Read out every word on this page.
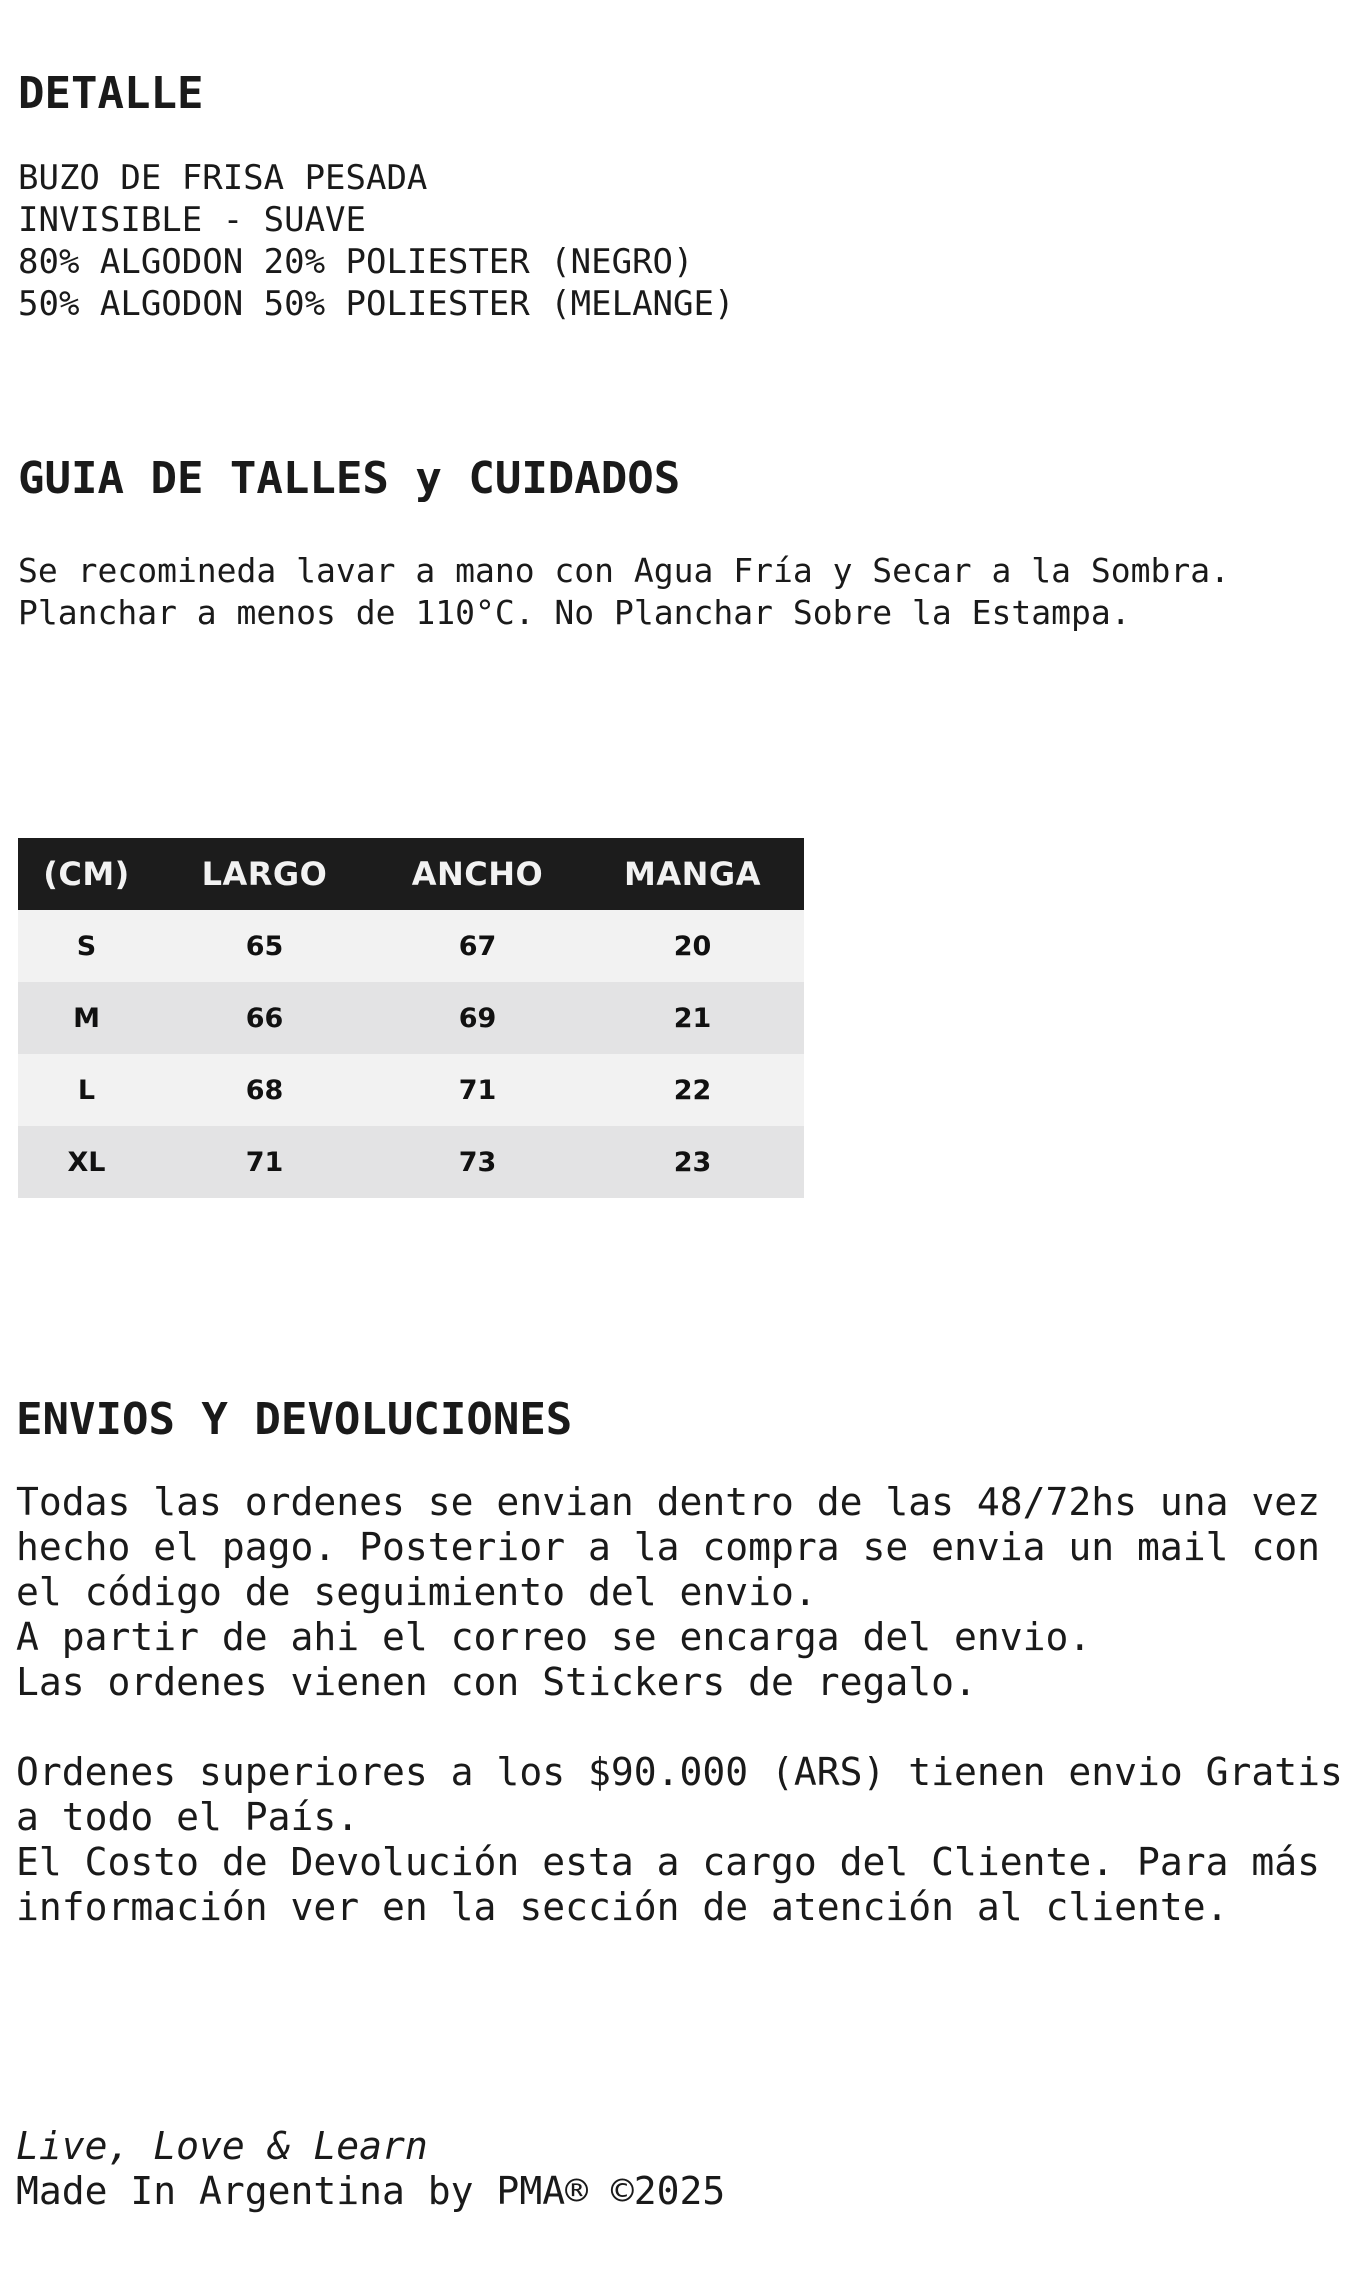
DETALLE
BUZO DE FRISA PESADA
INVISIBLE - SUAVE
80% ALGODON 20% POLIESTER (NEGRO)
50% ALGODON 50% POLIESTER (MELANGE)
GUIA DE TALLES y CUIDADOS
Se recomineda lavar a mano con Agua Fría y Secar a la Sombra.
Planchar a menos de 110°C. No Planchar Sobre la Estampa.
(CM)	LARGO	ANCHO	MANGA
S	65	67	20
M	66	69	21
L	68	71	22
XL	71	73	23
ENVIOS Y DEVOLUCIONES
Todas las ordenes se envian dentro de las 48/72hs una vez
hecho el pago. Posterior a la compra se envia un mail con
el código de seguimiento del envio.
A partir de ahi el correo se encarga del envio.
Las ordenes vienen con Stickers de regalo.
Ordenes superiores a los $90.000 (ARS) tienen envio Gratis
a todo el País.
El Costo de Devolución esta a cargo del Cliente. Para más
información ver en la sección de atención al cliente.
Live, Love & Learn
Made In Argentina by PMA® ©2025
